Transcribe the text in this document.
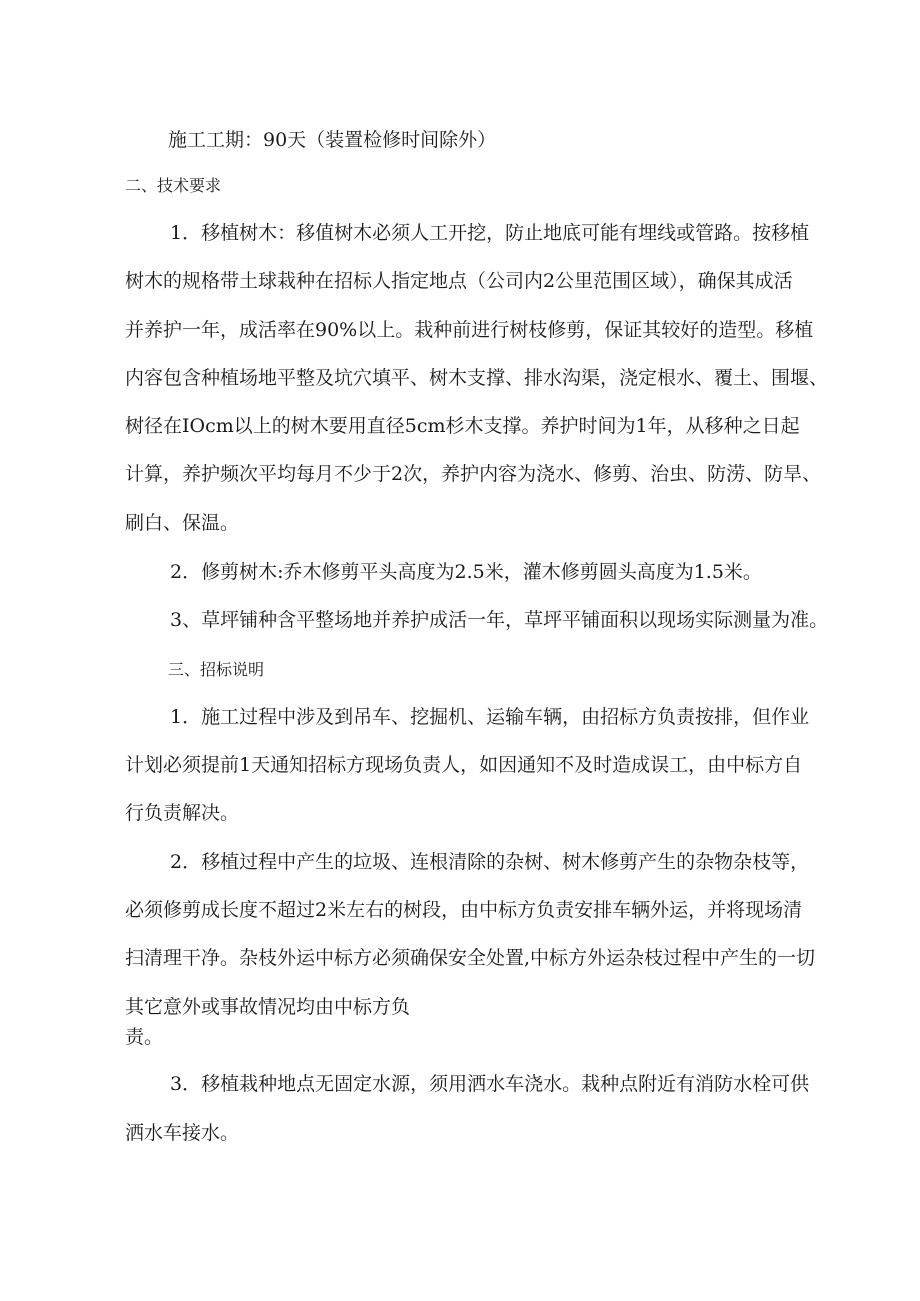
施工工期：90天（装置检修时间除外）
二、技术要求
1．移植树木：移值树木必须人工开挖，防止地底可能有埋线或管路。按移植
树木的规格带土球栽种在招标人指定地点（公司内2公里范围区域），确保其成活
并养护一年，成活率在90%以上。栽种前进行树枝修剪，保证其较好的造型。移植
内容包含种植场地平整及坑穴填平、树木支撑、排水沟渠，浇定根水、覆土、围堰、
树径在IOcm以上的树木要用直径5cm杉木支撑。养护时间为1年，从移种之日起
计算，养护频次平均每月不少于2次，养护内容为浇水、修剪、治虫、防涝、防旱、
刷白、保温。
2．修剪树木:乔木修剪平头高度为2.5米，灌木修剪圆头高度为1.5米。
3、草坪铺种含平整场地并养护成活一年，草坪平铺面积以现场实际测量为准。
三、招标说明
1．施工过程中涉及到吊车、挖掘机、运输车辆，由招标方负责按排，但作业
计划必须提前1天通知招标方现场负责人，如因通知不及时造成误工，由中标方自
行负责解决。
2．移植过程中产生的垃圾、连根清除的杂树、树木修剪产生的杂物杂枝等，
必须修剪成长度不超过2米左右的树段，由中标方负责安排车辆外运，并将现场清
扫清理干净。杂枝外运中标方必须确保安全处置,中标方外运杂枝过程中产生的一切
其它意外或事故情况均由中标方负
责。
3．移植栽种地点无固定水源，须用洒水车浇水。栽种点附近有消防水栓可供
洒水车接水。
